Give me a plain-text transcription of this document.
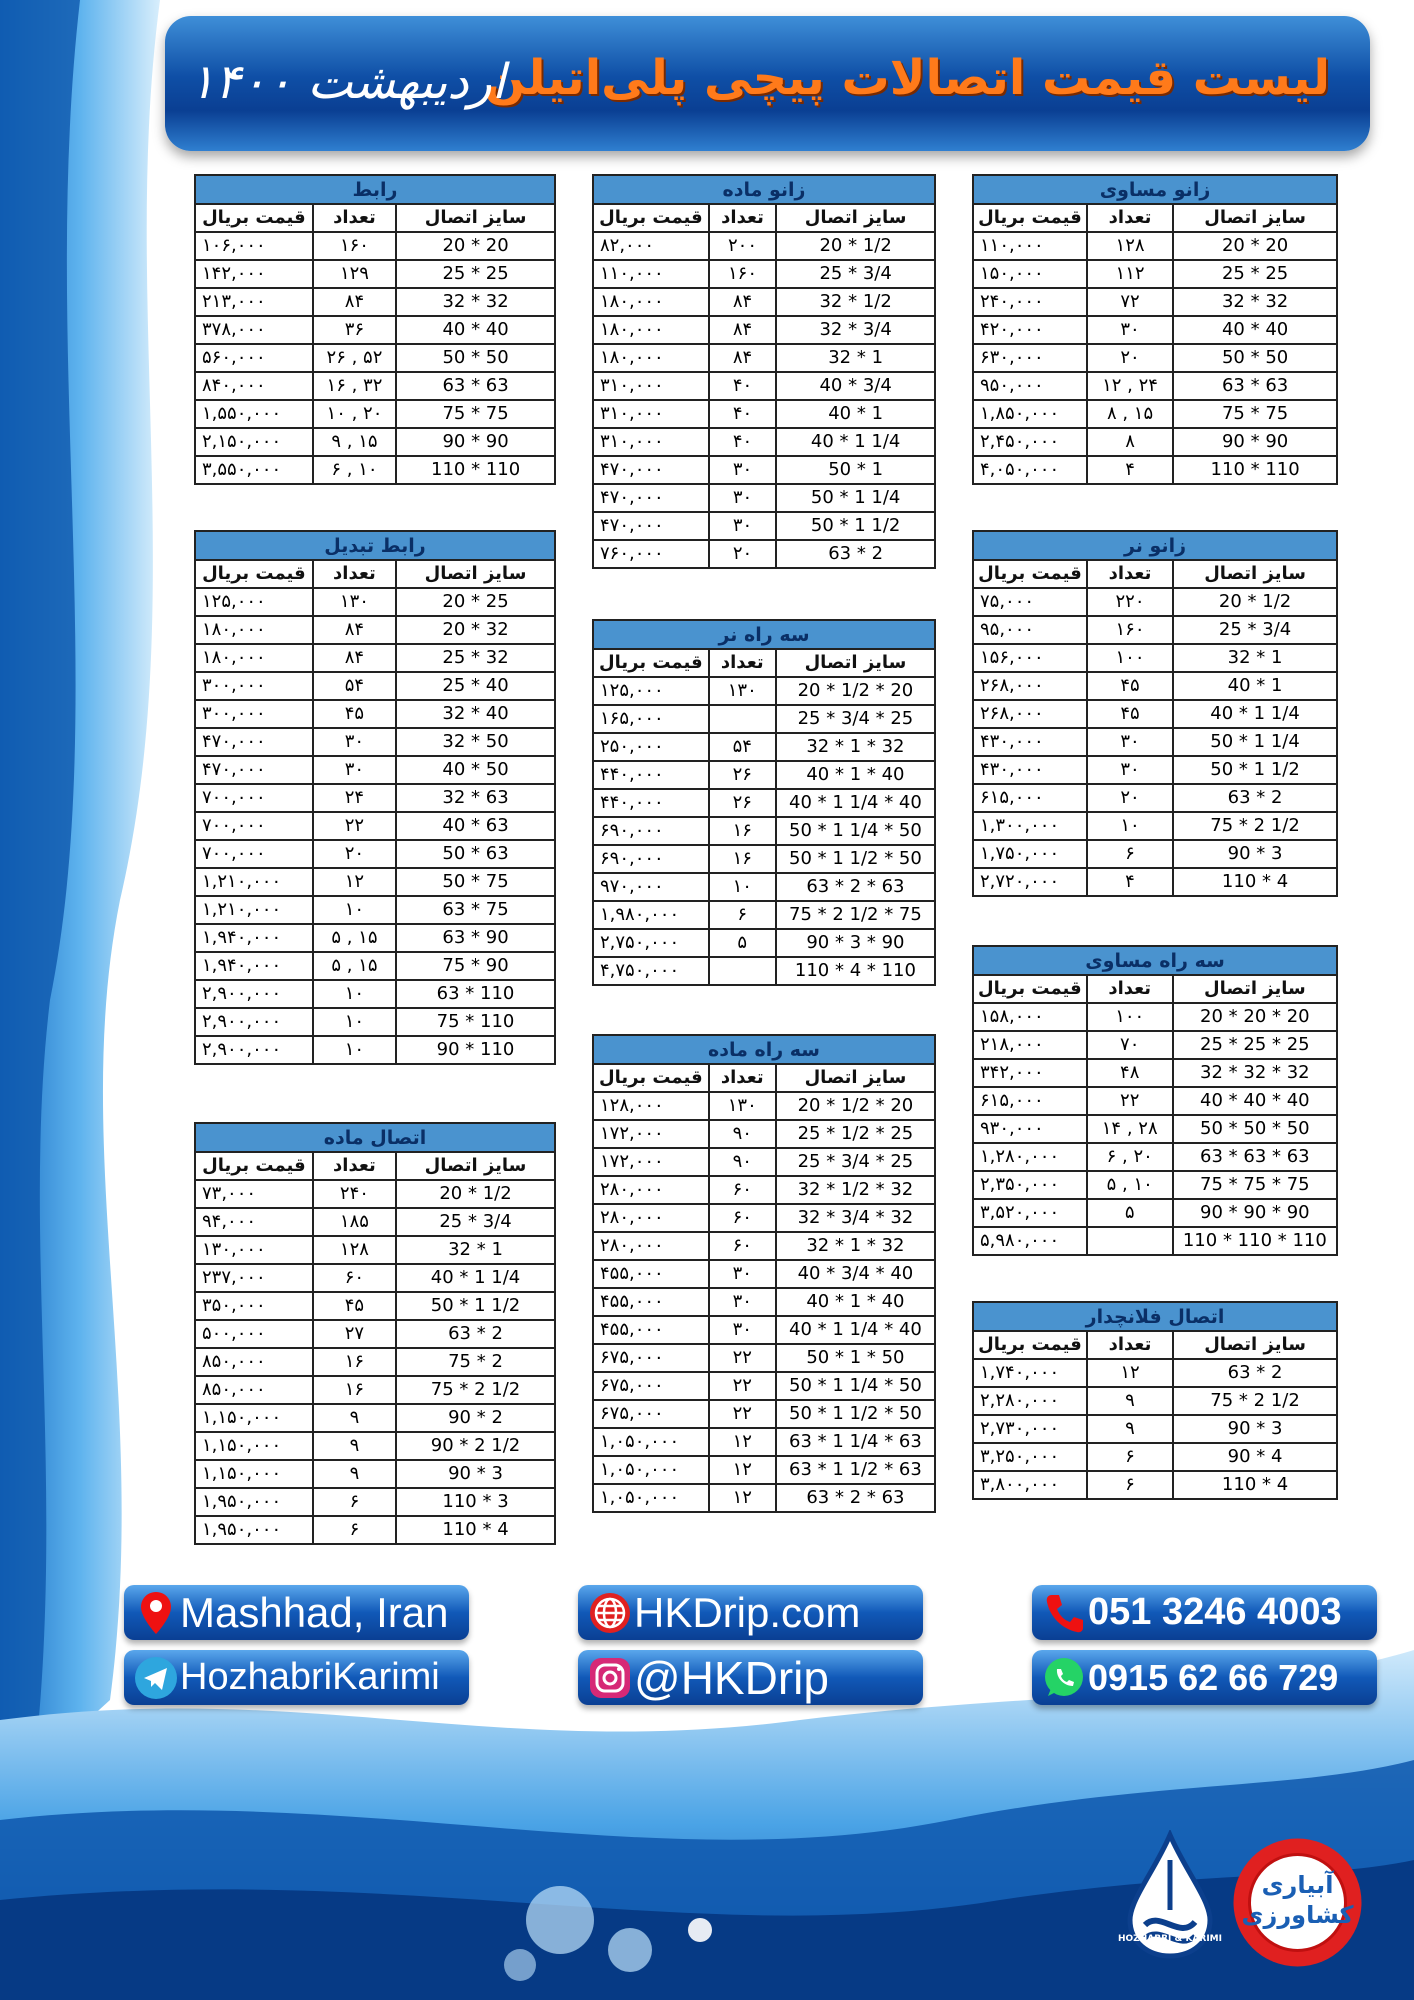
لیست قیمت اتصالات پیچی پلی‌اتیلن
اردیبهشت ۱۴۰۰
زانو مساوی		
سایز اتصال	تعداد	قیمت بریال
20 * 20	۱۲۸	۱۱۰,۰۰۰
25 * 25	۱۱۲	۱۵۰,۰۰۰
32 * 32	۷۲	۲۴۰,۰۰۰
40 * 40	۳۰	۴۲۰,۰۰۰
50 * 50	۲۰	۶۳۰,۰۰۰
63 * 63	۲۴ , ۱۲	۹۵۰,۰۰۰
75 * 75	۱۵ , ۸	۱,۸۵۰,۰۰۰
90 * 90	۸	۲,۴۵۰,۰۰۰
110 * 110	۴	۴,۰۵۰,۰۰۰
زانو نر		
سایز اتصال	تعداد	قیمت بریال
20 * 1/2	۲۲۰	۷۵,۰۰۰
25 * 3/4	۱۶۰	۹۵,۰۰۰
32 * 1	۱۰۰	۱۵۶,۰۰۰
40 * 1	۴۵	۲۶۸,۰۰۰
40 * 1 1/4	۴۵	۲۶۸,۰۰۰
50 * 1 1/4	۳۰	۴۳۰,۰۰۰
50 * 1 1/2	۳۰	۴۳۰,۰۰۰
63 * 2	۲۰	۶۱۵,۰۰۰
75 * 2 1/2	۱۰	۱,۳۰۰,۰۰۰
90 * 3	۶	۱,۷۵۰,۰۰۰
110 * 4	۴	۲,۷۲۰,۰۰۰
سه راه مساوی		
سایز اتصال	تعداد	قیمت بریال
20 * 20 * 20	۱۰۰	۱۵۸,۰۰۰
25 * 25 * 25	۷۰	۲۱۸,۰۰۰
32 * 32 * 32	۴۸	۳۴۲,۰۰۰
40 * 40 * 40	۲۲	۶۱۵,۰۰۰
50 * 50 * 50	۲۸ , ۱۴	۹۳۰,۰۰۰
63 * 63 * 63	۲۰ , ۶	۱,۲۸۰,۰۰۰
75 * 75 * 75	۱۰ , ۵	۲,۳۵۰,۰۰۰
90 * 90 * 90	۵	۳,۵۲۰,۰۰۰
110 * 110 * 110		۵,۹۸۰,۰۰۰
اتصال فلانچدار		
سایز اتصال	تعداد	قیمت بریال
63 * 2	۱۲	۱,۷۴۰,۰۰۰
75 * 2 1/2	۹	۲,۲۸۰,۰۰۰
90 * 3	۹	۲,۷۳۰,۰۰۰
90 * 4	۶	۳,۲۵۰,۰۰۰
110 * 4	۶	۳,۸۰۰,۰۰۰
زانو ماده		
سایز اتصال	تعداد	قیمت بریال
20 * 1/2	۲۰۰	۸۲,۰۰۰
25 * 3/4	۱۶۰	۱۱۰,۰۰۰
32 * 1/2	۸۴	۱۸۰,۰۰۰
32 * 3/4	۸۴	۱۸۰,۰۰۰
32 * 1	۸۴	۱۸۰,۰۰۰
40 * 3/4	۴۰	۳۱۰,۰۰۰
40 * 1	۴۰	۳۱۰,۰۰۰
40 * 1 1/4	۴۰	۳۱۰,۰۰۰
50 * 1	۳۰	۴۷۰,۰۰۰
50 * 1 1/4	۳۰	۴۷۰,۰۰۰
50 * 1 1/2	۳۰	۴۷۰,۰۰۰
63 * 2	۲۰	۷۶۰,۰۰۰
سه راه نر		
سایز اتصال	تعداد	قیمت بریال
20 * 1/2 * 20	۱۳۰	۱۲۵,۰۰۰
25 * 3/4 * 25		۱۶۵,۰۰۰
32 * 1 * 32	۵۴	۲۵۰,۰۰۰
40 * 1 * 40	۲۶	۴۴۰,۰۰۰
40 * 1 1/4 * 40	۲۶	۴۴۰,۰۰۰
50 * 1 1/4 * 50	۱۶	۶۹۰,۰۰۰
50 * 1 1/2 * 50	۱۶	۶۹۰,۰۰۰
63 * 2 * 63	۱۰	۹۷۰,۰۰۰
75 * 2 1/2 * 75	۶	۱,۹۸۰,۰۰۰
90 * 3 * 90	۵	۲,۷۵۰,۰۰۰
110 * 4 * 110		۴,۷۵۰,۰۰۰
سه راه ماده		
سایز اتصال	تعداد	قیمت بریال
20 * 1/2 * 20	۱۳۰	۱۲۸,۰۰۰
25 * 1/2 * 25	۹۰	۱۷۲,۰۰۰
25 * 3/4 * 25	۹۰	۱۷۲,۰۰۰
32 * 1/2 * 32	۶۰	۲۸۰,۰۰۰
32 * 3/4 * 32	۶۰	۲۸۰,۰۰۰
32 * 1 * 32	۶۰	۲۸۰,۰۰۰
40 * 3/4 * 40	۳۰	۴۵۵,۰۰۰
40 * 1 * 40	۳۰	۴۵۵,۰۰۰
40 * 1 1/4 * 40	۳۰	۴۵۵,۰۰۰
50 * 1 * 50	۲۲	۶۷۵,۰۰۰
50 * 1 1/4 * 50	۲۲	۶۷۵,۰۰۰
50 * 1 1/2 * 50	۲۲	۶۷۵,۰۰۰
63 * 1 1/4 * 63	۱۲	۱,۰۵۰,۰۰۰
63 * 1 1/2 * 63	۱۲	۱,۰۵۰,۰۰۰
63 * 2 * 63	۱۲	۱,۰۵۰,۰۰۰
رابط		
سایز اتصال	تعداد	قیمت بریال
20 * 20	۱۶۰	۱۰۶,۰۰۰
25 * 25	۱۲۹	۱۴۲,۰۰۰
32 * 32	۸۴	۲۱۳,۰۰۰
40 * 40	۳۶	۳۷۸,۰۰۰
50 * 50	۵۲ , ۲۶	۵۶۰,۰۰۰
63 * 63	۳۲ , ۱۶	۸۴۰,۰۰۰
75 * 75	۲۰ , ۱۰	۱,۵۵۰,۰۰۰
90 * 90	۱۵ , ۹	۲,۱۵۰,۰۰۰
110 * 110	۱۰ , ۶	۳,۵۵۰,۰۰۰
رابط تبدیل		
سایز اتصال	تعداد	قیمت بریال
20 * 25	۱۳۰	۱۲۵,۰۰۰
20 * 32	۸۴	۱۸۰,۰۰۰
25 * 32	۸۴	۱۸۰,۰۰۰
25 * 40	۵۴	۳۰۰,۰۰۰
32 * 40	۴۵	۳۰۰,۰۰۰
32 * 50	۳۰	۴۷۰,۰۰۰
40 * 50	۳۰	۴۷۰,۰۰۰
32 * 63	۲۴	۷۰۰,۰۰۰
40 * 63	۲۲	۷۰۰,۰۰۰
50 * 63	۲۰	۷۰۰,۰۰۰
50 * 75	۱۲	۱,۲۱۰,۰۰۰
63 * 75	۱۰	۱,۲۱۰,۰۰۰
63 * 90	۱۵ , ۵	۱,۹۴۰,۰۰۰
75 * 90	۱۵ , ۵	۱,۹۴۰,۰۰۰
63 * 110	۱۰	۲,۹۰۰,۰۰۰
75 * 110	۱۰	۲,۹۰۰,۰۰۰
90 * 110	۱۰	۲,۹۰۰,۰۰۰
اتصال ماده		
سایز اتصال	تعداد	قیمت بریال
20 * 1/2	۲۴۰	۷۳,۰۰۰
25 * 3/4	۱۸۵	۹۴,۰۰۰
32 * 1	۱۲۸	۱۳۰,۰۰۰
40 * 1 1/4	۶۰	۲۳۷,۰۰۰
50 * 1 1/2	۴۵	۳۵۰,۰۰۰
63 * 2	۲۷	۵۰۰,۰۰۰
75 * 2	۱۶	۸۵۰,۰۰۰
75 * 2 1/2	۱۶	۸۵۰,۰۰۰
90 * 2	۹	۱,۱۵۰,۰۰۰
90 * 2 1/2	۹	۱,۱۵۰,۰۰۰
90 * 3	۹	۱,۱۵۰,۰۰۰
110 * 3	۶	۱,۹۵۰,۰۰۰
110 * 4	۶	۱,۹۵۰,۰۰۰
Mashhad, Iran
HozhabriKarimi
HKDrip.com
@HKDrip
051 3246 4003
0915 62 66 729
HOZHABRI & KARIMI
آبیاری
کشاورزی
